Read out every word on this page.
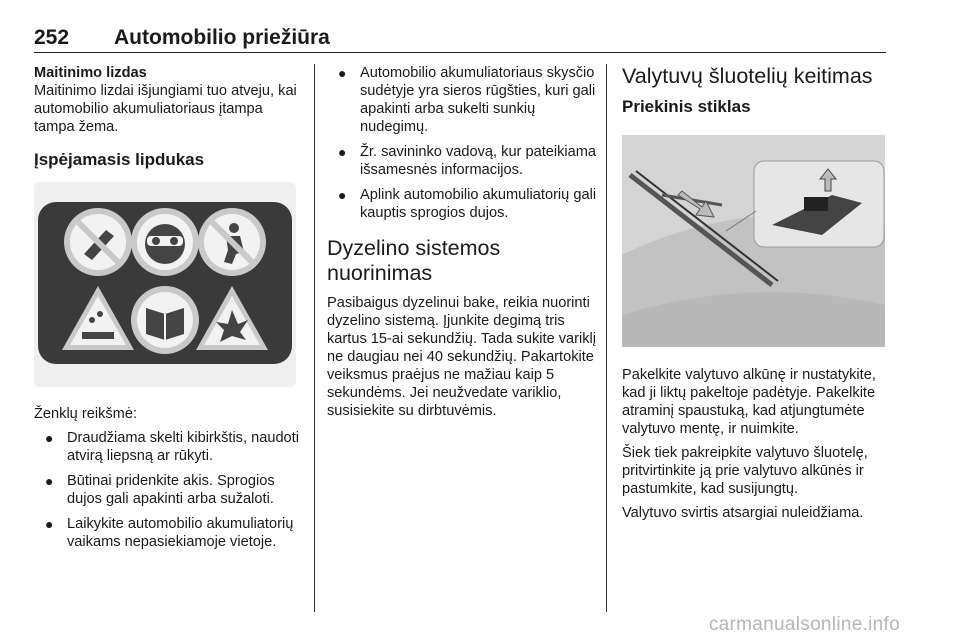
252 Automobilio priežiūra

Maitinimo lizdas

Maitinimo lizdai išjungiami tuo atveju, kai automobilio akumuliatoriaus įtampa tampa žema.

Įspėjamasis lipdukas

Ženklų reikšmė:

● Draudžiama skelti kibirkštis, naudoti atvirą liepsną ar rūkyti.
● Būtinai pridenkite akis. Sprogios dujos gali apakinti arba sužaloti.
● Laikykite automobilio akumuliatorių vaikams nepasiekiamoje vietoje.
● Automobilio akumuliatoriaus skysčio sudėtyje yra sieros rūgšties, kuri gali apakinti arba sukelti sunkių nudegimų.
● Žr. savininko vadovą, kur pateikiama išsamesnės informacijos.
● Aplink automobilio akumuliatorių gali kauptis sprogios dujos.
Dyzelino sistemos
nuorinimas

Pasibaigus dyzelinui bake, reikia nuorinti dyzelino sistemą. Įjunkite degimą tris kartus 15-ai sekundžių. Tada sukite variklį ne daugiau nei 40 sekundžių. Pakartokite veiksmus praėjus ne mažiau kaip 5 sekundėms. Jei neužvedate variklio, susisiekite su dirbtuvėmis.

Valytuvų šluotelių keitimas
Priekinis stiklas

Pakelkite valytuvo alkūnę ir nustatykite, kad ji liktų pakeltoje padėtyje. Pakelkite atraminį spaustuką, kad atjungtumėte valytuvo mentę, ir nuimkite.

Šiek tiek pakreipkite valytuvo šluotelę, pritvirtinkite ją prie valytuvo alkūnės ir pastumkite, kad susijungtų.

Valytuvo svirtis atsargiai nuleidžiama.

carmanualsonline.info
